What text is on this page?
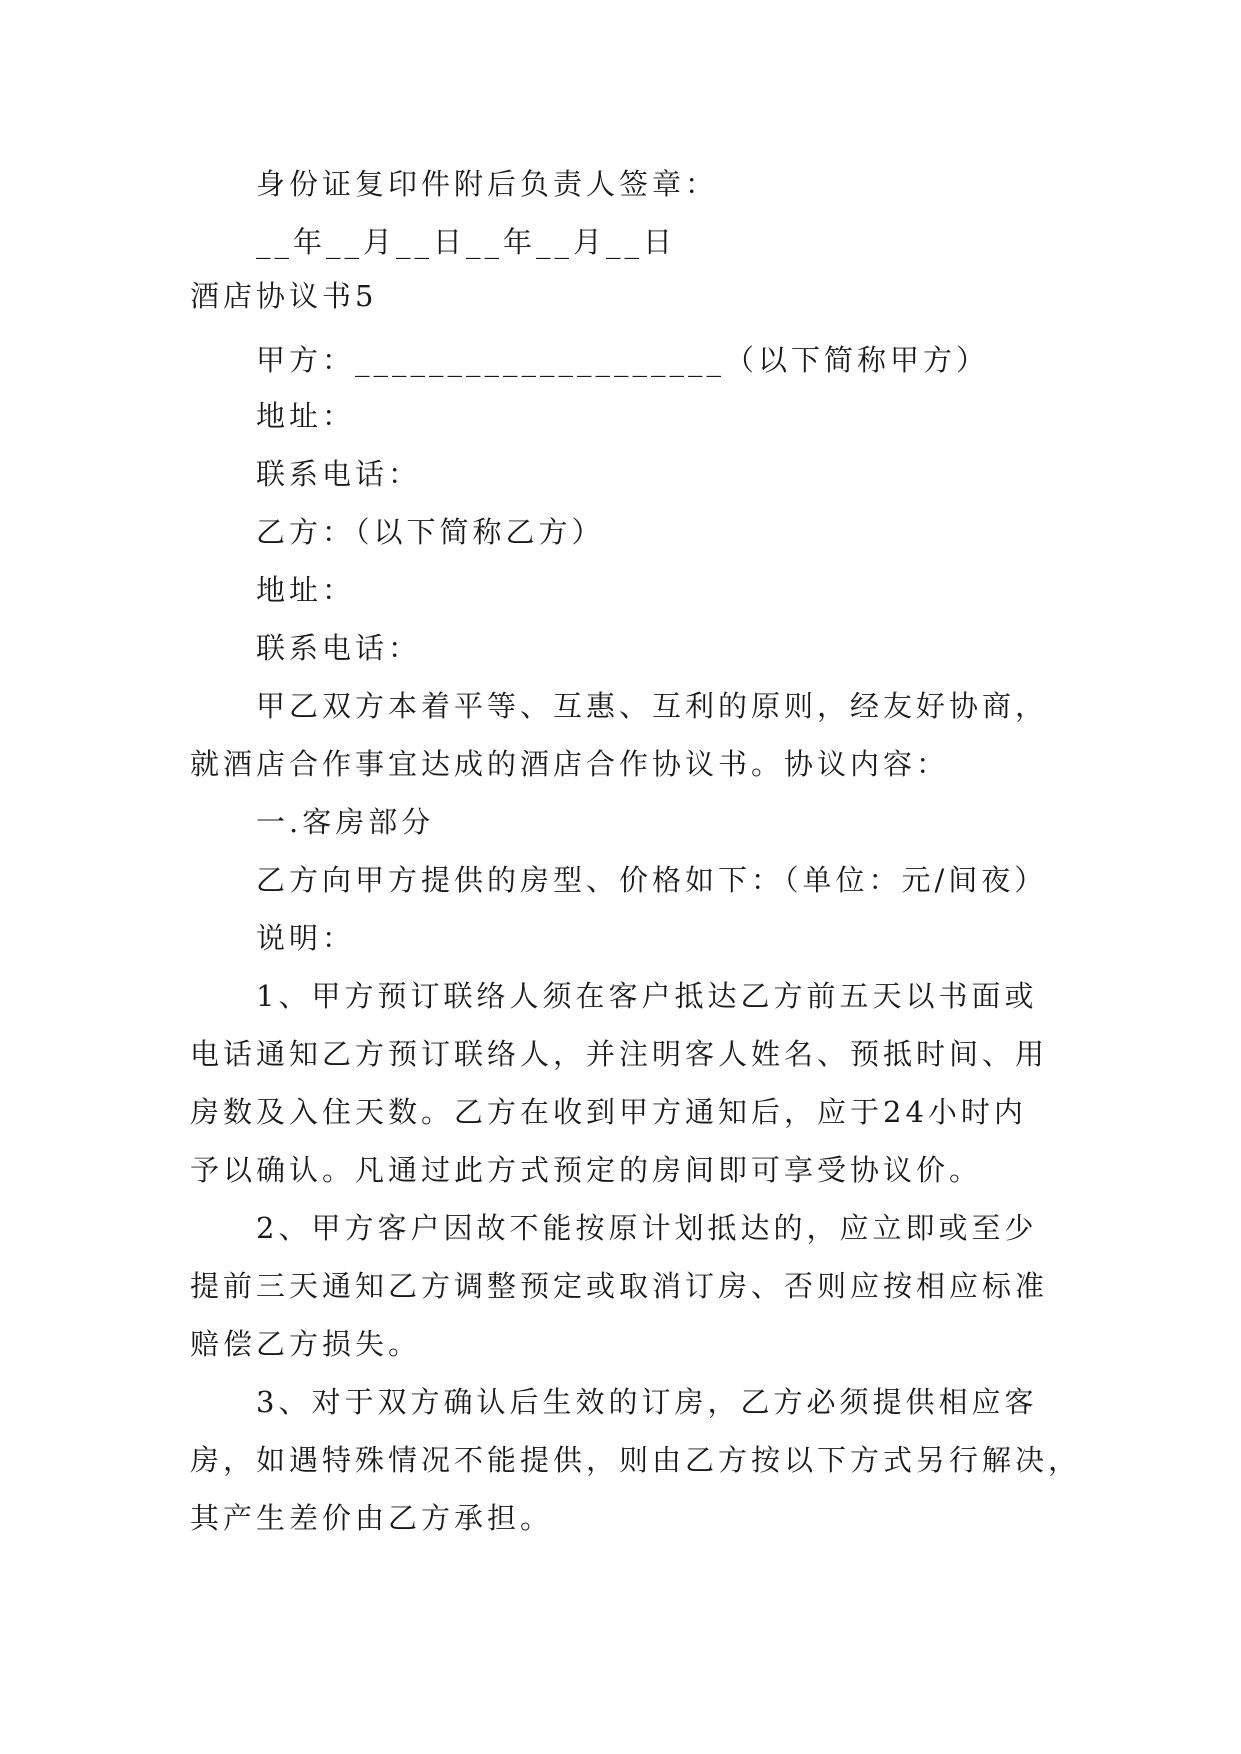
身份证复印件附后负责人签章：
__年__月__日__年__月__日
酒店协议书5
甲方：____________________（以下简称甲方）
地址：
联系电话：
乙方：（以下简称乙方）
地址：
联系电话：
甲乙双方本着平等、互惠、互利的原则，经友好协商，
就酒店合作事宜达成的酒店合作协议书。协议内容：
一.客房部分
乙方向甲方提供的房型、价格如下：（单位：元/间夜）
说明：
1、甲方预订联络人须在客户抵达乙方前五天以书面或
电话通知乙方预订联络人，并注明客人姓名、预抵时间、用
房数及入住天数。乙方在收到甲方通知后，应于24小时内
予以确认。凡通过此方式预定的房间即可享受协议价。
2、甲方客户因故不能按原计划抵达的，应立即或至少
提前三天通知乙方调整预定或取消订房、否则应按相应标准
赔偿乙方损失。
3、对于双方确认后生效的订房，乙方必须提供相应客
房，如遇特殊情况不能提供，则由乙方按以下方式另行解决，
其产生差价由乙方承担。
